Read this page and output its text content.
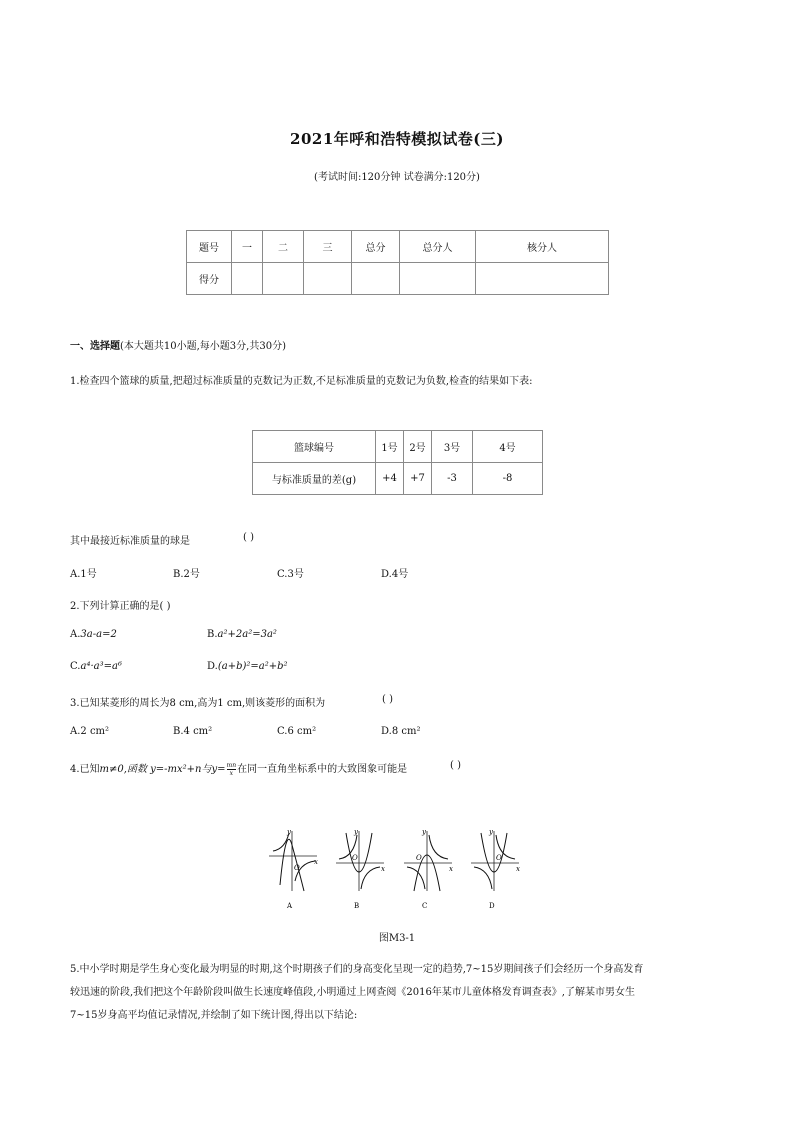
2021年呼和浩特模拟试卷(三)
(考试时间:120分钟 试卷满分:120分)
题号	一	二	三	总分	总分人	核分人
得分						
一、选择题(本大题共10小题,每小题3分,共30分)
1.检查四个篮球的质量,把超过标准质量的克数记为正数,不足标准质量的克数记为负数,检查的结果如下表:
篮球编号	1号	2号	3号	4号
与标准质量的差(g)	+4	+7	-3	-8
其中最接近标准质量的球是	( )
A.1号	B.2号	C.3号	D.4号
2.下列计算正确的是( )
A.3a-a=2	B.a²+2a²=3a²
C.a⁴·a³=a⁶	D.(a+b)²=a²+b²
3.已知某菱形的周长为8 cm,高为1 cm,则该菱形的面积为	( )
A.2 cm²	B.4 cm²	C.6 cm²	D.8 cm²
4.已知m≠0,函数 y=-mx²+n与$y= \frac{mn}{x}$ 在同一直角坐标系中的大致图象可能是	( )
y
x
O
A
y
x
O
B
y
x
O
C
y
x
O
D
图M3-1
5.中小学时期是学生身心变化最为明显的时期,这个时期孩子们的身高变化呈现一定的趋势,7~15岁期间孩子们会经历一个身高发育
较迅速的阶段,我们把这个年龄阶段叫做生长速度峰值段,小明通过上网查阅《2016年某市儿童体格发育调查表》,了解某市男女生
7~15岁身高平均值记录情况,并绘制了如下统计图,得出以下结论:
